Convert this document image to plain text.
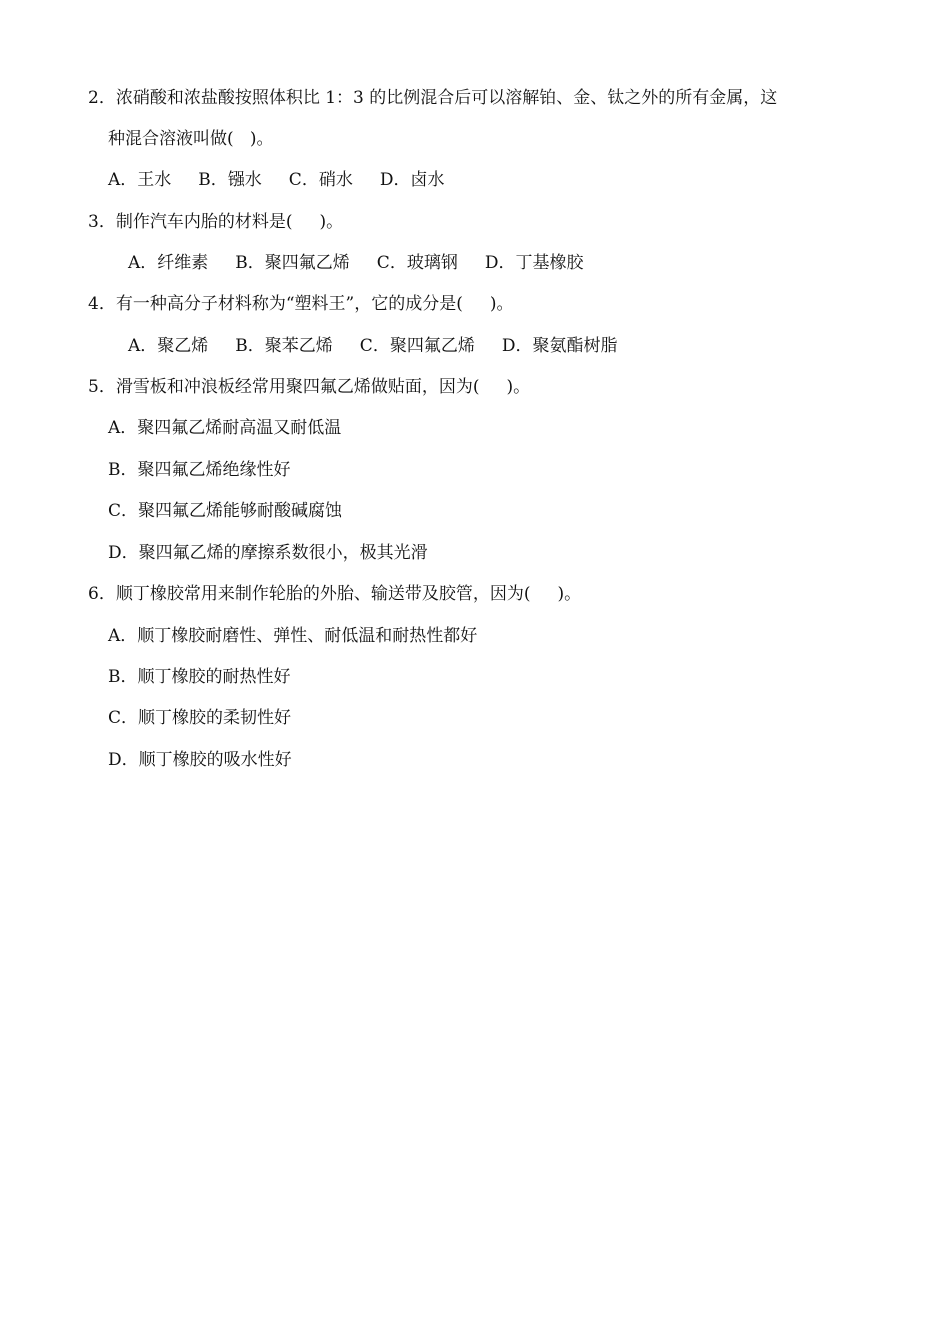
2．浓硝酸和浓盐酸按照体积比 1：3 的比例混合后可以溶解铂、金、钛之外的所有金属，这
种混合溶液叫做(   )。
A．王水     B．镪水     C．硝水     D．卤水
3．制作汽车内胎的材料是(     )。
A．纤维素     B．聚四氟乙烯     C．玻璃钢     D．丁基橡胶
4．有一种高分子材料称为“塑料王”，它的成分是(     )。
A．聚乙烯     B．聚苯乙烯     C．聚四氟乙烯     D．聚氨酯树脂
5．滑雪板和冲浪板经常用聚四氟乙烯做贴面，因为(     )。
A．聚四氟乙烯耐高温又耐低温
B．聚四氟乙烯绝缘性好
C．聚四氟乙烯能够耐酸碱腐蚀
D．聚四氟乙烯的摩擦系数很小，极其光滑
6．顺丁橡胶常用来制作轮胎的外胎、输送带及胶管，因为(     )。
A．顺丁橡胶耐磨性、弹性、耐低温和耐热性都好
B．顺丁橡胶的耐热性好
C．顺丁橡胶的柔韧性好
D．顺丁橡胶的吸水性好
